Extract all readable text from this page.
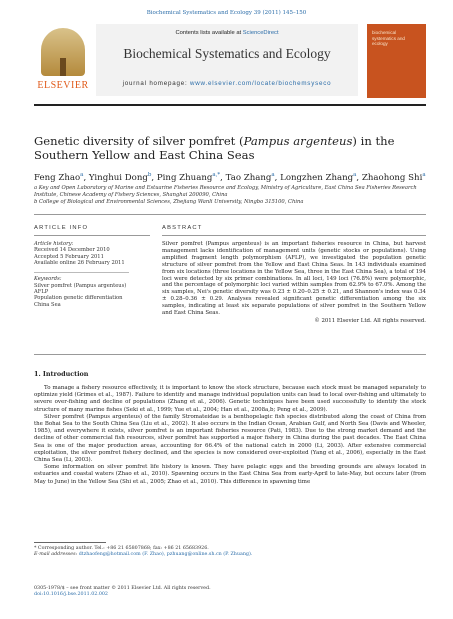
Biochemical Systematics and Ecology 39 (2011) 145–150
ELSEVIER
Contents lists available at ScienceDirect
Biochemical Systematics and Ecology
journal homepage: www.elsevier.com/locate/biochemsyseco
biochemical systematics and ecology
Genetic diversity of silver pomfret (Pampus argenteus) in the Southern Yellow and East China Seas
Feng Zhao$^a$, Yinghui Dong$^b$, Ping Zhuang$^{a,*}$, Tao Zhang$^a$, Longzhen Zhang$^a$, Zhaohong Shi$^a$
a Key and Open Laboratory of Marine and Estuarine Fisheries Resource and Ecology, Ministry of Agriculture, East China Sea Fisheries Research Institute, Chinese Academy of Fishery Sciences, Shanghai 200090, China
b College of Biological and Environmental Sciences, Zhejiang Wanli University, Ningbo 315100, China
ARTICLE INFO	ABSTRACT
Article history:
Received 14 December 2010
Accepted 5 February 2011
Available online 26 February 2011
Keywords:
Silver pomfret (Pampus argenteus)
AFLP
Population genetic differentiation
China Sea
Silver pomfret (Pampus argenteus) is an important fisheries resource in China, but harvest management lacks identification of management units (genetic stocks or populations). Using amplified fragment length polymorphism (AFLP), we investigated the population genetic structure of silver pomfret from the Yellow and East China Seas. In 143 individuals examined from six locations (three locations in the Yellow Sea, three in the East China Sea), a total of 194 loci were detected by six primer combinations. In all loci, 149 loci (76.8%) were polymorphic, and the percentage of polymorphic loci varied within samples from 62.9% to 67.0%. Among the six samples, Nei's genetic diversity was 0.23 ± 0.20–0.25 ± 0.21, and Shannon's index was 0.34 ± 0.28–0.36 ± 0.29. Analyses revealed significant genetic differentiation among the six samples, indicating at least six separate populations of silver pomfret in the Southern Yellow and East China Seas.
© 2011 Elsevier Ltd. All rights reserved.
1. Introduction

To manage a fishery resource effectively, it is important to know the stock structure, because each stock must be managed separately to optimize yield (Grimes et al., 1987). Failure to identify and manage individual population units can lead to local over-fishing and ultimately to severe over-fishing and decline of populations (Zhang et al., 2006). Genetic techniques have been used successfully to identify the stock structure of many marine fishes (Seki et al., 1999; Yue et al., 2004; Han et al., 2008a,b; Peng et al., 2009).

Silver pomfret (Pampus argenteus) of the family Stromateidae is a benthopelagic fish species distributed along the coast of China from the Bohai Sea to the South China Sea (Liu et al., 2002). It also occurs in the Indian Ocean, Arabian Gulf, and North Sea (Davis and Wheeler, 1985), and everywhere it exists, silver pomfret is an important fisheries resource (Pati, 1983). Due to the strong market demand and the decline of other commercial fish resources, silver pomfret has supported a major fishery in China during the past decades. The East China Sea is one of the major production areas, accounting for 66.4% of the national catch in 2000 (Li, 2003). After extensive commercial exploitation, the silver pomfret fishery declined, and the species is now considered over-exploited (Yang et al., 2006), especially in the East China Sea (Li, 2003).

Some information on silver pomfret life history is known. They have pelagic eggs and the breeding grounds are always located in estuaries and coastal waters (Zhao et al., 2010). Spawning occurs in the East China Sea from early-April to late-May, but occurs later (from May to June) in the Yellow Sea (Shi et al., 2005; Zhao et al., 2010). This difference in spawning time

* Corresponding author. Tel.: +86 21 65807868; fax: +86 21 65683926.
E-mail addresses: dtzhaofeng@hotmail.com (F. Zhao), pzhuang@online.sh.cn (P. Zhuang).
0305-1978/$ – see front matter © 2011 Elsevier Ltd. All rights reserved.
doi:10.1016/j.bse.2011.02.002
